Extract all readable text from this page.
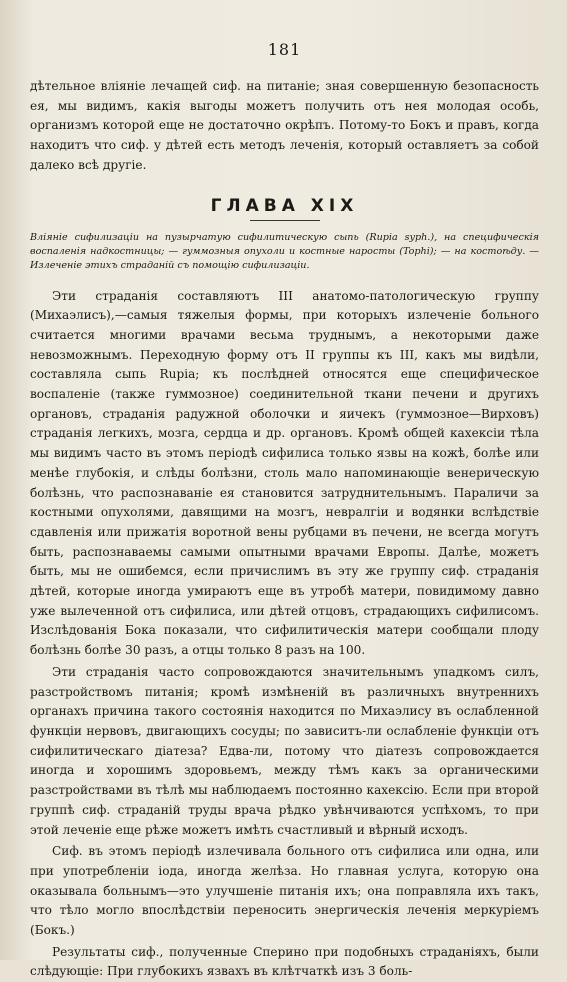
181

дѣтельное вліяніе лечащей сиф. на питаніе; зная совершенную безопасность ея, мы видимъ, какія выгоды можетъ получить отъ нея молодая особь, организмъ которой еще не достаточно окрѣпъ. Потому-то Бокъ и правъ, когда находитъ что сиф. у дѣтей есть методъ леченія, который оставляетъ за собой далеко всѣ другіе.

ГЛАВА XIX
Вліяніе сифилизаціи на пузырчатую сифилитическую сыпь (Rupia syph.), на специфическія воспаленія надкостницы; — гуммозныя опухоли и костные наросты (Tophi); — на костоѣду. — Излеченіе этихъ страданій съ помощію сифилизаціи.

Эти страданія составляютъ III анатомо-патологическую группу (Михаэлисъ),—самыя тяжелыя формы, при которыхъ излеченіе больного считается многими врачами весьма труднымъ, а некоторыми даже невозможнымъ. Переходную форму отъ II группы къ III, какъ мы видѣли, составляла сыпь Rupia; къ послѣдней относятся еще специфическое воспаленіе (также гуммозное) соединительной ткани печени и другихъ органовъ, страданія радужной оболочки и яичекъ (гуммозное—Вирховъ) страданія легкихъ, мозга, сердца и др. органовъ. Кромѣ общей кахексіи тѣла мы видимъ часто въ этомъ періодѣ сифилиса только язвы на кожѣ, болѣе или менѣе глубокія, и слѣды болѣзни, столь мало напоминающіе венерическую болѣзнь, что распознаваніе ея становится затруднительнымъ. Параличи за костными опухолями, давящими на мозгъ, невралгіи и водянки вслѣдствіе сдавленія или прижатія воротной вены рубцами въ печени, не всегда могутъ быть, распознаваемы самыми опытными врачами Европы. Далѣе, можетъ быть, мы не ошибемся, если причислимъ въ эту же группу сиф. страданія дѣтей, которые иногда умираютъ еще въ утробѣ матери, повидимому давно уже вылеченной отъ сифилиса, или дѣтей отцовъ, страдающихъ сифилисомъ. Изслѣдованія Бока показали, что сифилитическія матери сообщали плоду болѣзнь болѣе 30 разъ, а отцы только 8 разъ на 100.

Эти страданія часто сопровождаются значительнымъ упадкомъ силъ, разстройствомъ питанія; кромѣ измѣненій въ различныхъ внутреннихъ органахъ причина такого состоянія находится по Михаэлису въ ослабленной функціи нервовъ, двигающихъ сосуды; по зависитъ-ли ослабленіе функціи отъ сифилитическаго діатеза? Едва-ли, потому что діатезъ сопровождается иногда и хорошимъ здоровьемъ, между тѣмъ какъ за органическими разстройствами въ тѣлѣ мы наблюдаемъ постоянно кахексію. Если при второй группѣ сиф. страданій труды врача рѣдко увѣнчиваются успѣхомъ, то при этой леченіе еще рѣже можетъ имѣть счастливый и вѣрный исходъ.

Сиф. въ этомъ періодѣ излечивала больного отъ сифилиса или одна, или при употребленіи іода, иногда желѣза. Но главная услуга, которую она оказывала больнымъ—это улучшеніе питанія ихъ; она поправляла ихъ такъ, что тѣло могло впослѣдствіи переносить энергическія леченія меркуріемъ (Бокъ.)

Результаты сиф., полученные Сперино при подобныхъ страданіяхъ, были слѣдующіе: При глубокихъ язвахъ въ клѣтчаткѣ изъ 3 боль-
